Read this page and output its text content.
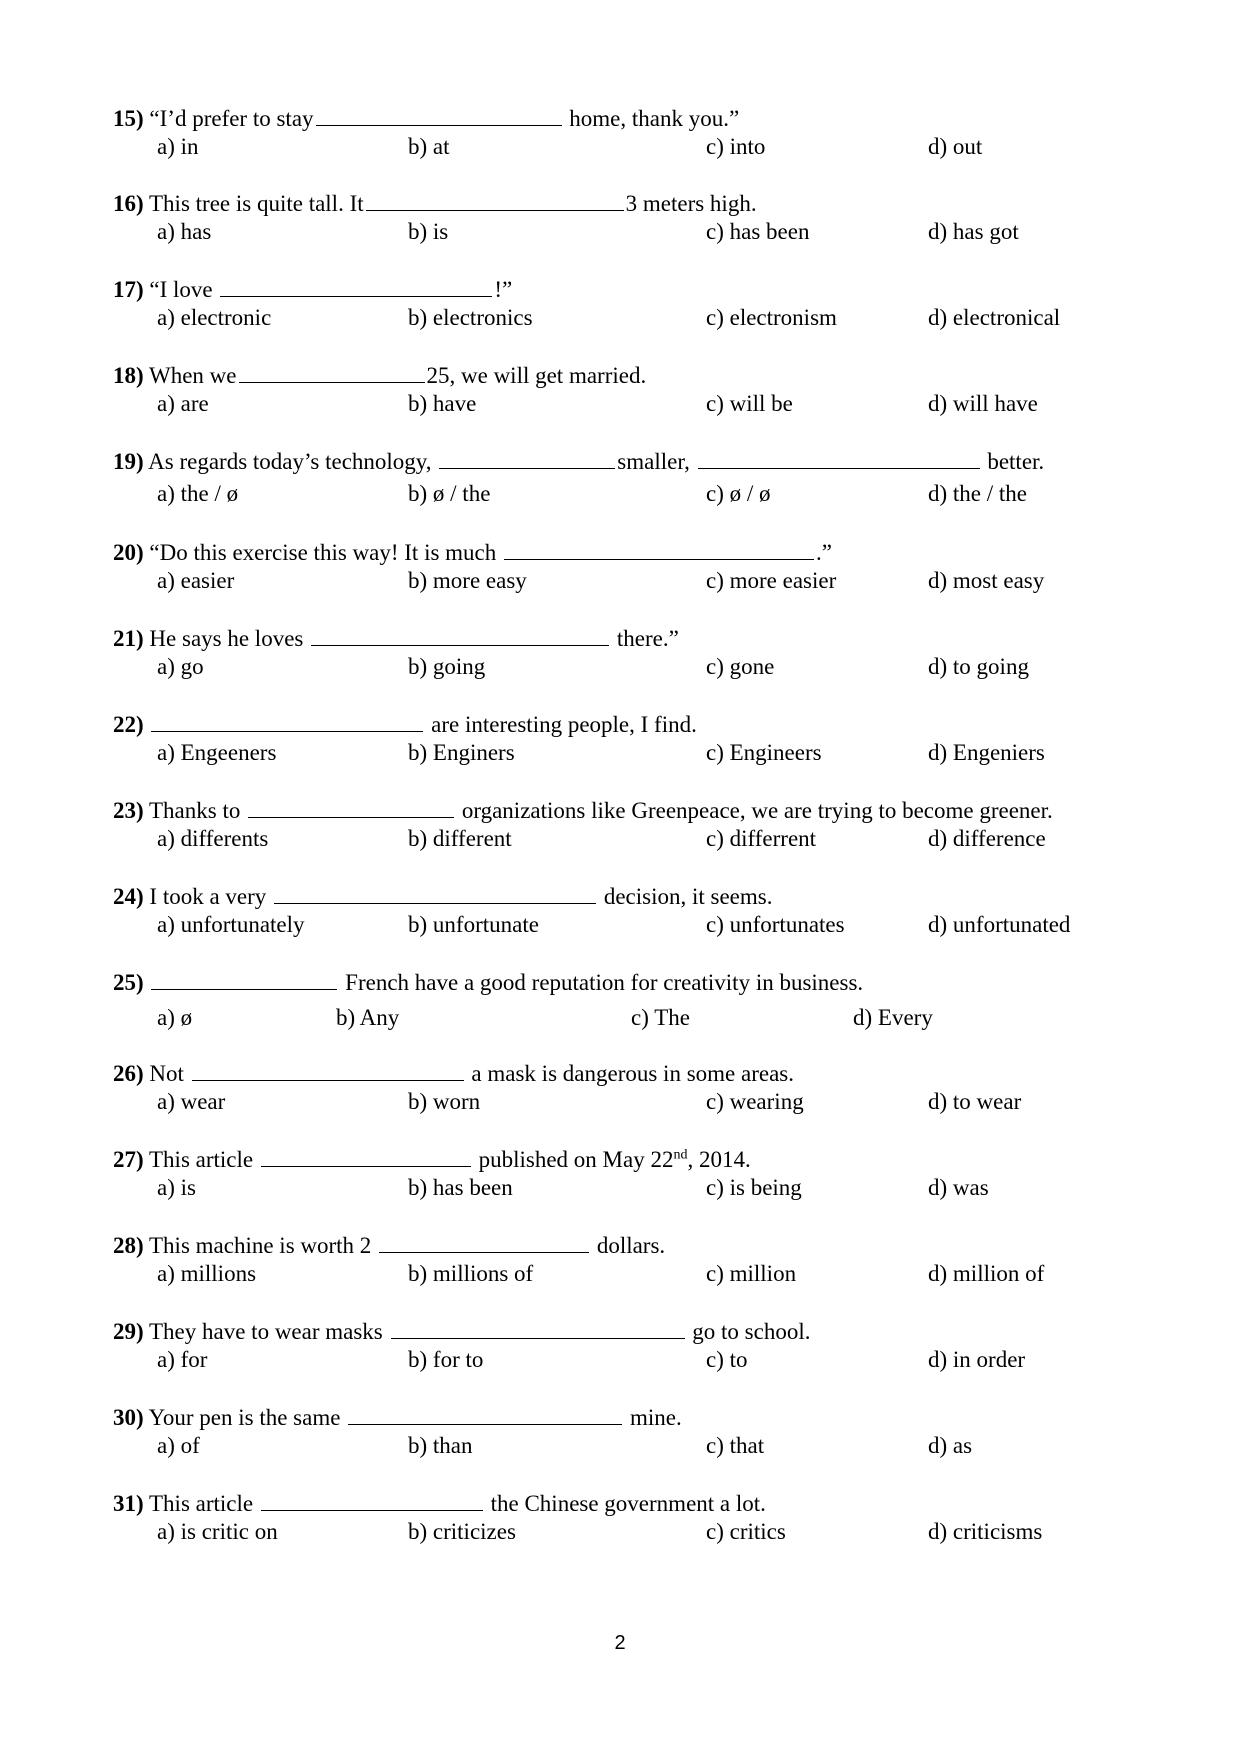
15) “I’d prefer to stay	home, thank you.”
a) in	b) at	c) into	d) out
16) This tree is quite tall. It	3 meters high.
a) has	b) is	c) has been	d) has got
17) “I love	!”
a) electronic	b) electronics	c) electronism	d) electronical
18) When we	25, we will get married.
a) are	b) have	c) will be	d) will have
19) As regards today’s technology,	smaller,	better.
a) the / ø	b) ø / the	c) ø / ø	d) the / the
20) “Do this exercise this way! It is much	.”
a) easier	b) more easy	c) more easier	d) most easy
21) He says he loves	there.”
a) go	b) going	c) gone	d) to going
22)	are interesting people, I find.
a) Engeeners	b) Enginers	c) Engineers	d) Engeniers
23) Thanks to	organizations like Greenpeace, we are trying to become greener.
a) differents	b) different	c) differrent	d) difference
24) I took a very	decision, it seems.
a) unfortunately	b) unfortunate	c) unfortunates	d) unfortunated
25)	French have a good reputation for creativity in business.
a) ø	b) Any	c) The	d) Every
26) Not	a mask is dangerous in some areas.
a) wear	b) worn	c) wearing	d) to wear
27) This article	published on May 22nd, 2014.
a) is	b) has been	c) is being	d) was
28) This machine is worth 2	dollars.
a) millions	b) millions of	c) million	d) million of
29) They have to wear masks	go to school.
a) for	b) for to	c) to	d) in order
30) Your pen is the same	mine.
a) of	b) than	c) that	d) as
31) This article	the Chinese government a lot.
a) is critic on	b) criticizes	c) critics	d) criticisms
2
